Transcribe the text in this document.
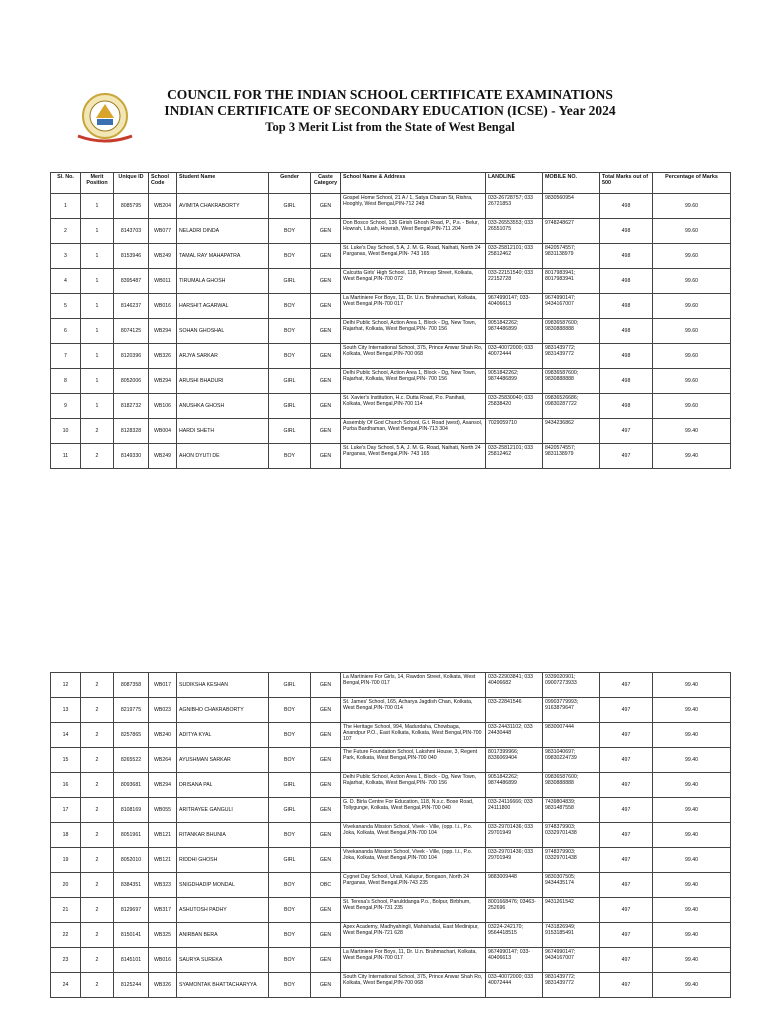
COUNCIL FOR THE INDIAN SCHOOL CERTIFICATE EXAMINATIONS
INDIAN CERTIFICATE OF SECONDARY EDUCATION (ICSE) - Year 2024
Top 3 Merit List from the State of West Bengal
Sl. No.	Merit Position	Unique ID	School Code	Student Name	Gender	Caste Category	School Name & Address	LANDLINE	MOBILE NO.	Total Marks out of 500	Percentage of Marks
1	1	8085795	WB204	AVIMITA CHAKRABORTY	GIRL	GEN	Gospel Home School, 21 A / 1, Satya Charan St, Rishra, Hooghly, West Bengal,PIN-712 248	033-26728757; 033 26721853	9830560954	498	99.60
2	1	8143703	WB077	NELADRI DINDA	BOY	GEN	Don Bosco School, 136 Girish Ghosh Road, P., P.s. - Belur, Howrah, Liluah, Howrah, West Bengal,PIN-711 204	033-26553553; 033 26551075	9748248627	498	99.60
3	1	8153946	WB249	TAMAL RAY MAHAPATRA	BOY	GEN	St. Luke's Day School, 5 A, J. M. G. Road, Naihati, North 24 Parganas, West Bengal,PIN- 743 165	033-25812101; 033 25812462	8420574557; 9831138979	498	99.60
4	1	8395487	WB011	TIRUMALA GHOSH	GIRL	GEN	Calcutta Girls' High School, 118, Princep Street, Kolkata, West Bengal,PIN-700 072	033-22151540; 033 22152728	8017983941; 8017983941	498	99.60
5	1	8146237	WB016	HARSHIT AGARWAL	BOY	GEN	La Martiniere For Boys, 11, Dr. U.n. Brahmachari, Kolkata, West Bengal,PIN-700 017	9674990147; 033-40406613	9674990147; 9434167007	498	99.60
6	1	8074125	WB294	SOHAN GHOSHAL	BOY	GEN	Delhi Public School, Action Area 1, Block - Dg, New Town, Rajarhat, Kolkata, West Bengal,PIN- 700 156	9051842262; 9874486899	09836587600; 9830888888	498	99.60
7	1	8120396	WB326	ARJYA SARKAR	BOY	GEN	South City International School, 375, Prince Anwar Shah Ro, Kolkata, West Bengal,PIN-700 068	033-40072000; 033 40072444	9831439772; 9831439772	498	99.60
8	1	8052006	WB294	ARUSHI BHADURI	GIRL	GEN	Delhi Public School, Action Area 1, Block - Dg, New Town, Rajarhat, Kolkata, West Bengal,PIN- 700 156	9051842262; 9874486899	09836587600; 9830888888	498	99.60
9	1	8182732	WB106	ANUSHKA GHOSH	GIRL	GEN	St. Xavier's Institution, H.c. Dutta Road, P.o. Panihati, Kolkata, West Bengal,PIN-700 114	033-25830040; 033 25838420	09836526686; 09830287722	498	99.60
10	2	8128328	WB004	HARDI SHETH	GIRL	GEN	Assembly Of God Church School, G.t. Road (west), Asansol, Purba Bardhaman, West Bengal,PIN-713 304	7029059710	9434236862	497	99.40
11	2	8149330	WB249	AHON DYUTI DE	BOY	GEN	St. Luke's Day School, 5 A, J. M. G. Road, Naihati, North 24 Parganas, West Bengal,PIN- 743 165	033-25812101; 033 25812462	8420574557; 9831138979	497	99.40
12	2	8087358	WB017	SUDIKSHA KESHAN	GIRL	GEN	La Martiniere For Girls, 14, Rawdon Street, Kolkata, West Bengal,PIN-700 017	033-22903841; 033 40406682	9339020901; 09007273933	497	99.40
13	2	8219775	WB023	AGNIBHO CHAKRABORTY	BOY	GEN	St. James' School, 165, Acharya Jagdish Chan, Kolkata, West Bengal,PIN-700 014	033-22841546	09903779993; 9163879647	497	99.40
14	2	8257865	WB240	ADITYA KYAL	BOY	GEN	The Heritage School, 994, Madurdaha, Chowbaga, Anandpur P.O., East Kolkata, Kolkata, West Bengal,PIN-700 107	033-24431102; 033 24430448	9830007444	497	99.40
15	2	8265522	WB264	AYUSHMAN SARKAR	BOY	GEN	The Future Foundation School, Lakshmi House, 3, Regent Park, Kolkata, West Bengal,PIN-700 040	8017399966; 8336069404	9831040697; 09830224739	497	99.40
16	2	8093681	WB294	DRISANA PAL	GIRL	GEN	Delhi Public School, Action Area 1, Block - Dg, New Town, Rajarhat, Kolkata, West Bengal,PIN- 700 156	9051842262; 9874486899	09836587600; 9830888888	497	99.40
17	2	8108169	WB055	ARITRAYEE GANGULI	GIRL	GEN	G. D. Birla Centre For Education, 118, N.s.c. Bose Road, Tollygunge, Kolkata, West Bengal,PIN-700 040	033-24116666; 033 24111800	7439804839; 9831487558	497	99.40
18	2	8051961	WB121	RITANKAR BHUNIA	BOY	GEN	Vivekananda Mission School, Vivek - Ville, (opp. I.i., P.o. Joka, Kolkata, West Bengal,PIN-700 104	033-29701436; 033 29701949	9748379903; 03329701438	497	99.40
19	2	8052010	WB121	RIDDHI GHOSH	GIRL	GEN	Vivekananda Mission School, Vivek - Ville, (opp. I.i., P.o. Joka, Kolkata, West Bengal,PIN-700 104	033-29701436; 033 29701949	9748379903; 03329701438	497	99.40
20	2	8384351	WB323	SNIGDHADIP MONDAL	BOY	OBC	Cygnet Day School, Unali, Kalupur, Bongaon, North 24 Parganas, West Bengal,PIN-743 235	9883009448	9830307505; 9434435174	497	99.40
21	2	8129697	WB317	ASHUTOSH PADHY	BOY	GEN	St. Teresa's School, Parulddanga P.o., Bolpur, Birbhum, West Bengal,PIN-731 235	8001668476; 03463-252696	9431261542	497	99.40
22	2	8150141	WB325	ANIRBAN BERA	BOY	GEN	Apex Academy, Madhyahingli, Mahishadal, East Medinipur, West Bengal,PIN-721 628	03224-242170; 9564418515	7431826949; 9153185491	497	99.40
23	2	8145101	WB016	SAURYA SUREKA	BOY	GEN	La Martiniere For Boys, 11, Dr. U.n. Brahmachari, Kolkata, West Bengal,PIN-700 017	9674990147; 033-40406613	9674990147; 9434167007	497	99.40
24	2	8125244	WB326	SYAMONTAK BHATTACHARYYA	BOY	GEN	South City International School, 375, Prince Anwar Shah Ro, Kolkata, West Bengal,PIN-700 068	033-40072000; 033 40072444	9831439772; 9831439772	497	99.40
